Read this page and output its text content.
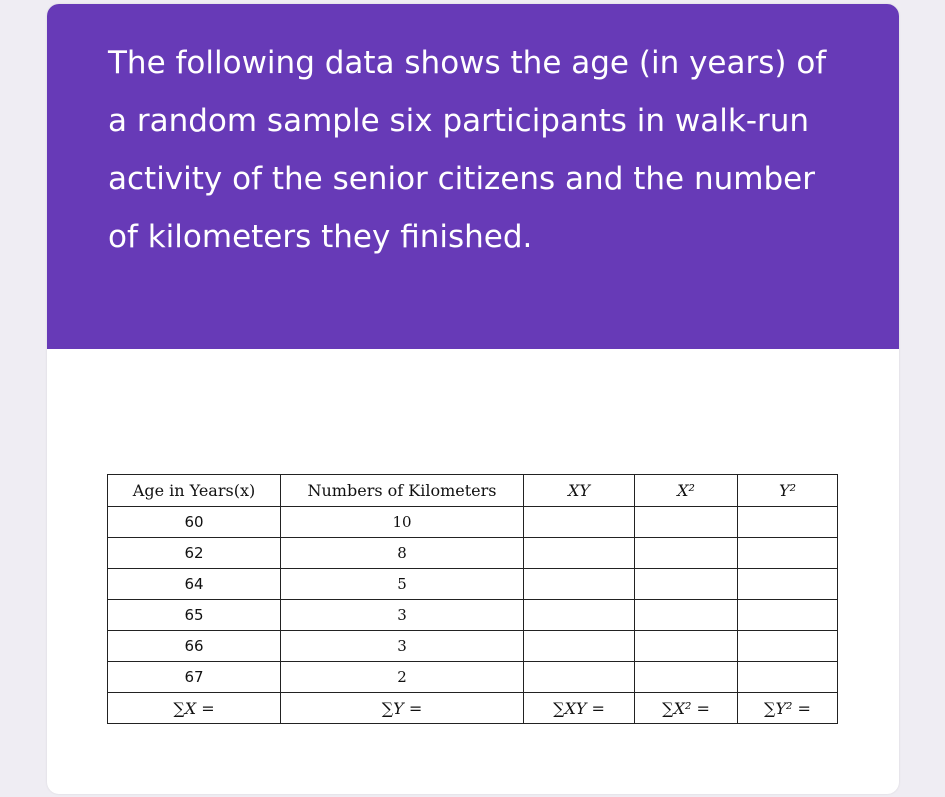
The following data shows the age (in years) of a random sample six participants in walk-run activity of the senior citizens and the number of kilometers they finished.

Age in Years(x)	Numbers of Kilometers	XY	X²	Y²
60	10			
62	8			
64	5			
65	3			
66	3			
67	2			
∑X =	∑Y =	∑XY =	∑X² =	∑Y² =
